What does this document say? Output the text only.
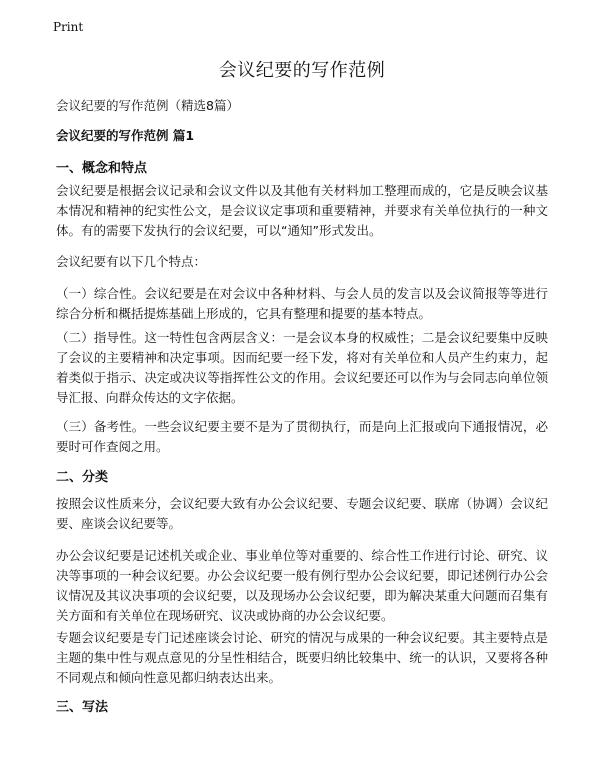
Print
会议纪要的写作范例

会议纪要的写作范例（精选8篇）

会议纪要的写作范例 篇1

一、概念和特点

会议纪要是根据会议记录和会议文件以及其他有关材料加工整理而成的，它是反映会议基本情况和精神的纪实性公文，是会议议定事项和重要精神，并要求有关单位执行的一种文体。有的需要下发执行的会议纪要，可以“通知”形式发出。

会议纪要有以下几个特点：

（一）综合性。会议纪要是在对会议中各种材料、与会人员的发言以及会议简报等等进行综合分析和概括提炼基础上形成的，它具有整理和提要的基本特点。

（二）指导性。这一特性包含两层含义：一是会议本身的权威性；二是会议纪要集中反映了会议的主要精神和决定事项。因而纪要一经下发，将对有关单位和人员产生约束力，起着类似于指示、决定或决议等指挥性公文的作用。会议纪要还可以作为与会同志向单位领导汇报、向群众传达的文字依据。

（三）备考性。一些会议纪要主要不是为了贯彻执行，而是向上汇报或向下通报情况，必要时可作查阅之用。

二、分类

按照会议性质来分，会议纪要大致有办公会议纪要、专题会议纪要、联席（协调）会议纪要、座谈会议纪要等。

办公会议纪要是记述机关或企业、事业单位等对重要的、综合性工作进行讨论、研究、议决等事项的一种会议纪要。办公会议纪要一般有例行型办公会议纪要，即记述例行办公会议情况及其议决事项的会议纪要，以及现场办公会议纪要，即为解决某重大问题而召集有关方面和有关单位在现场研究、议决或协商的办公会议纪要。

专题会议纪要是专门记述座谈会讨论、研究的情况与成果的一种会议纪要。其主要特点是主题的集中性与观点意见的分呈性相结合，既要归纳比较集中、统一的认识，又要将各种不同观点和倾向性意见都归纳表达出来。

三、写法
